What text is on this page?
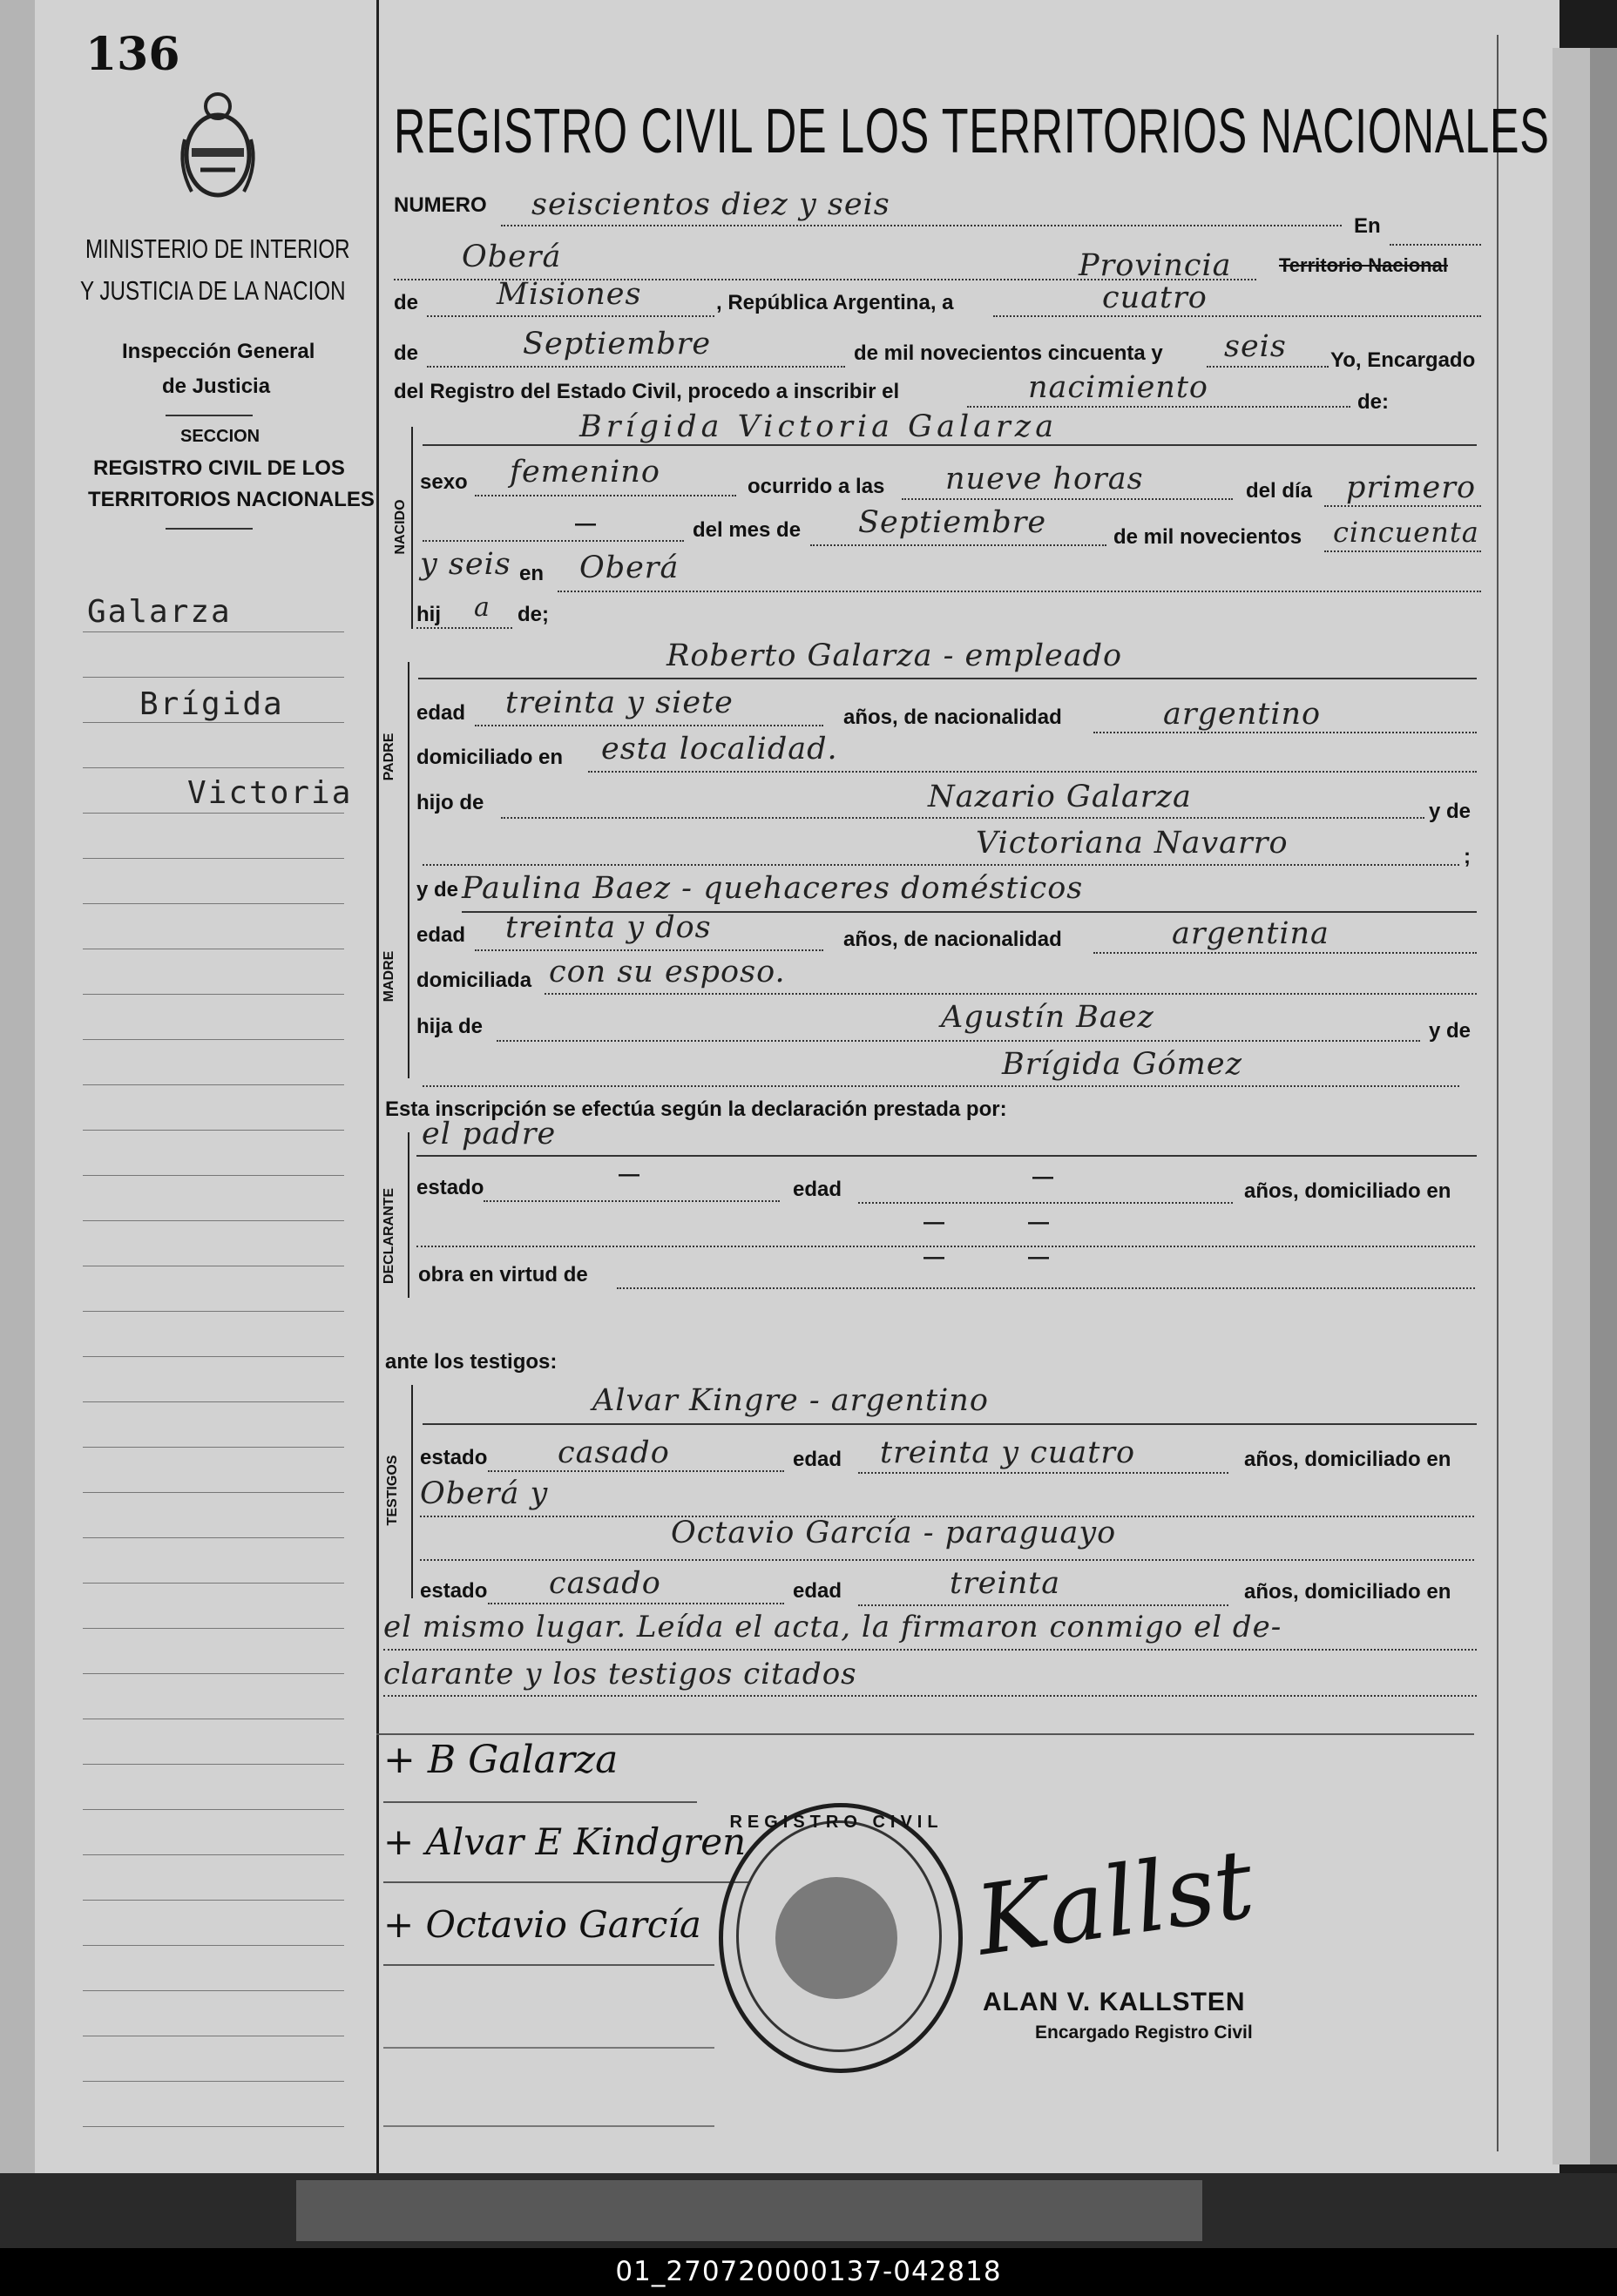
136
MINISTERIO DE INTERIOR
Y JUSTICIA DE LA NACION
Inspección General
de Justicia
SECCION
REGISTRO CIVIL DE LOS
TERRITORIOS NACIONALES
Galarza
Brígida
Victoria
REGISTRO CIVIL DE LOS TERRITORIOS NACIONALES
NUMERO seiscientos diez y seis
En
Oberá	Provincia Territorio Nacional
de	Misiones	, República Argentina, a	cuatro
de	Septiembre	de mil novecientos cincuenta y seis Yo, Encargado
del Registro del Estado Civil, procedo a inscribir el	nacimiento	de:
NACIDO
Brígida Victoria Galarza
sexo femenino	ocurrido a las nueve horas	del día primero
—	del mes de Septiembre	de mil novecientos cincuenta
y seis en Oberá
hij a de;
PADRE
Roberto Galarza - empleado
edad treinta y siete	años, de nacionalidad	argentino
domiciliado en esta localidad.
hijo de	Nazario Galarza	y de
Victoriana Navarro	;
MADRE
y de Paulina Baez - quehaceres domésticos
edad treinta y dos	años, de nacionalidad	argentina
domiciliada con su esposo.
hija de	Agustín Baez	y de
Brígida Gómez
Esta inscripción se efectúa según la declaración prestada por:
el padre
DECLARANTE
estado
—
edad
—
años, domiciliado en
—	—
obra en virtud de
—	—
ante los testigos:
TESTIGOS
Alvar Kingre - argentino
estado casado	edad treinta y cuatro	años, domiciliado en
Oberá y
Octavio García - paraguayo
estado casado	edad	treinta	años, domiciliado en
el mismo lugar. Leída el acta, la firmaron conmigo el de-
clarante y los testigos citados
+ B Galarza
+ Alvar E Kindgren
+ Octavio García
REGISTRO CIVIL
Kallst
ALAN V. KALLSTEN
Encargado Registro Civil
01_270720000137-042818
